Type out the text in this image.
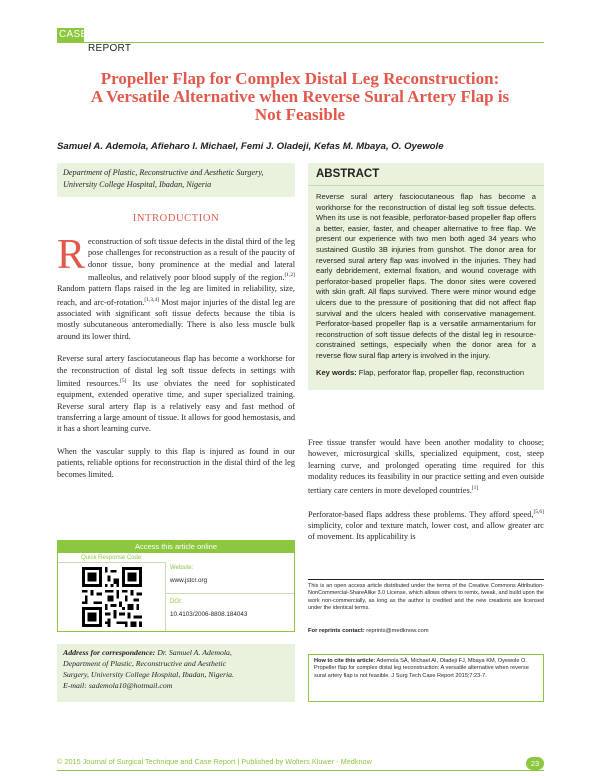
CASE
REPORT
Propeller Flap for Complex Distal Leg Reconstruction:
A Versatile Alternative when Reverse Sural Artery Flap is
Not Feasible
Samuel A. Ademola, Afieharo I. Michael, Femi J. Oladeji, Kefas M. Mbaya, O. Oyewole
Department of Plastic, Reconstructive and Aesthetic Surgery,
University College Hospital, Ibadan, Nigeria
ABSTRACT
Reverse sural artery fasciocutaneous flap has become a workhorse for the reconstruction of distal leg soft tissue defects. When its use is not feasible, perforator-based propeller flap offers a better, easier, faster, and cheaper alternative to free flap. We present our experience with two men both aged 34 years who sustained Gustilo 3B injuries from gunshot. The donor area for reversed sural artery flap was involved in the injuries. They had early debridement, external fixation, and wound coverage with perforator-based propeller flaps. The donor sites were covered with skin graft. All flaps survived. There were minor wound edge ulcers due to the pressure of positioning that did not affect flap survival and the ulcers healed with conservative management. Perforator-based propeller flap is a versatile armamentarium for reconstruction of soft tissue defects of the distal leg in resource-constrained settings, especially when the donor area for a reverse flow sural flap artery is involved in the injury.
Key words: Flap, perforator flap, propeller flap, reconstruction
INTRODUCTION

Reconstruction of soft tissue defects in the distal third of the leg pose challenges for reconstruction as a result of the paucity of donor tissue, bony prominence at the medial and lateral malleolus, and relatively poor blood supply of the region.[1,2] Random pattern flaps raised in the leg are limited in reliability, size, reach, and arc-of-rotation.[1,3,4] Most major injuries of the distal leg are associated with significant soft tissue defects because the tibia is mostly subcutaneous anteromedially. There is also less muscle bulk around its lower third.

Reverse sural artery fasciocutaneous flap has become a workhorse for the reconstruction of distal leg soft tissue defects in settings with limited resources.[5] Its use obviates the need for sophisticated equipment, extended operative time, and super specialized training. Reverse sural artery flap is a relatively easy and fast method of transferring a large amount of tissue. It allows for good hemostasis, and it has a short learning curve.

When the vascular supply to this flap is injured as found in our patients, reliable options for reconstruction in the distal third of the leg becomes limited.

Access this article online
Quick Response Code:
Website:
www.jstcr.org
DOI:
10.4103/2006-8808.184043
Address for correspondence: Dr. Samuel A. Ademola,
Department of Plastic, Reconstructive and Aesthetic
Surgery, University College Hospital, Ibadan, Nigeria.
E-mail: sademola10@hotmail.com

Free tissue transfer would have been another modality to choose; however, microsurgical skills, specialized equipment, cost, steep learning curve, and prolonged operating time required for this modality reduces its feasibility in our practice setting and even outside tertiary care centers in more developed countries.[1]

Perforator-based flaps address these problems. They afford speed,[5,6] simplicity, color and texture match, lower cost, and allow greater arc of movement. Its applicability is

This is an open access article distributed under the terms of the Creative Commons Attribution-NonCommercial-ShareAlike 3.0 License, which allows others to remix, tweak, and build upon the work non-commercially, as long as the author is credited and the new creations are licensed under the identical terms.
For reprints contact: reprints@medknow.com
How to cite this article: Ademola SA, Michael AI, Oladeji FJ, Mbaya KM, Oyewole O. Propeller flap for complex distal leg reconstruction: A versatile alternative when reverse sural artery flap is not feasible. J Surg Tech Case Report 2015;7:23-7.
© 2015 Journal of Surgical Technique and Case Report | Published by Wolters Kluwer - Medknow	23
